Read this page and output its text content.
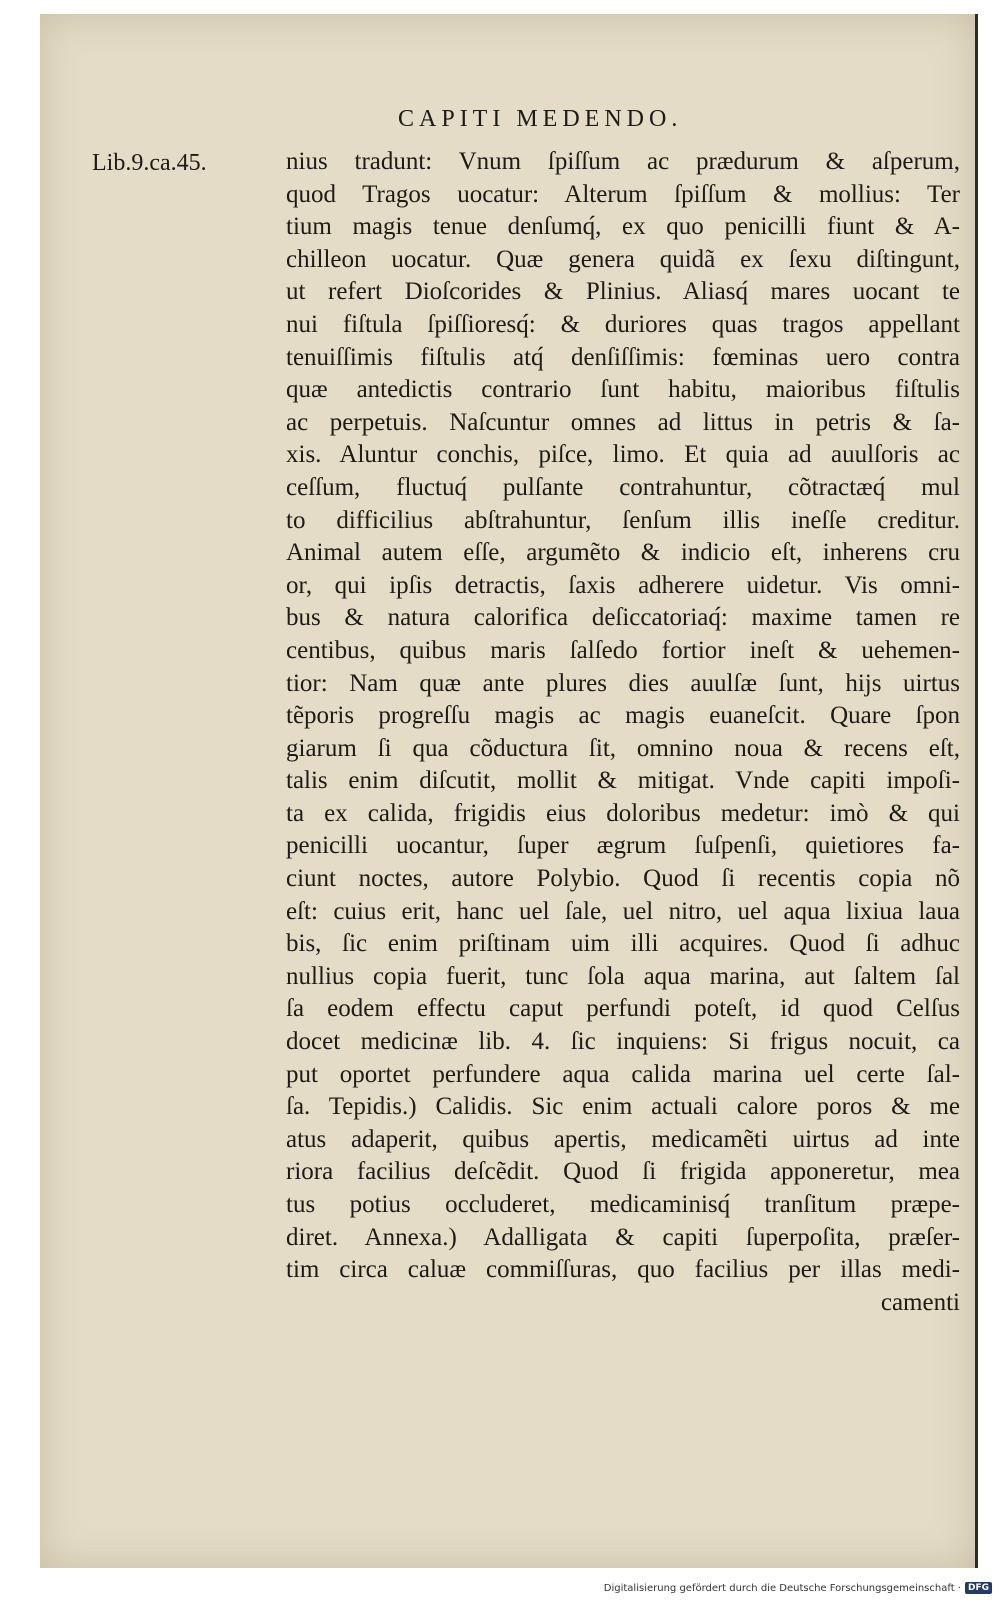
CAPITI MEDENDO.
Lib.9.ca.45.	nius tradunt: Vnum ſpiſſum ac prædurum & aſperum,
quod Tragos uocatur: Alterum ſpiſſum & mollius: Ter
tium magis tenue denſumq́, ex quo penicilli fiunt & A-
chilleon uocatur. Quæ genera quidã ex ſexu diſtingunt,
ut refert Dioſcorides & Plinius. Aliasq́ mares uocant te
nui fiſtula ſpiſſioresq́: & duriores quas tragos appellant
tenuiſſimis fiſtulis atq́ denſiſſimis: fœminas uero contra
quæ antedictis contrario ſunt habitu, maioribus fiſtulis
ac perpetuis. Naſcuntur omnes ad littus in petris & ſa-
xis. Aluntur conchis, piſce, limo. Et quia ad auulſoris ac
ceſſum, fluctuq́ pulſante contrahuntur, cõtractæq́ mul
to difficilius abſtrahuntur, ſenſum illis ineſſe creditur.
Animal autem eſſe, argumẽto & indicio eſt, inherens cru
or, qui ipſis detractis, ſaxis adherere uidetur. Vis omni-
bus & natura calorifica deſiccatoriaq́: maxime tamen re
centibus, quibus maris ſalſedo fortior ineſt & uehemen-
tior: Nam quæ ante plures dies auulſæ ſunt, hijs uirtus
tẽporis progreſſu magis ac magis euaneſcit. Quare ſpon
giarum ſi qua cõductura ſit, omnino noua & recens eſt,
talis enim diſcutit, mollit & mitigat. Vnde capiti impoſi-
ta ex calida, frigidis eius doloribus medetur: imò & qui
penicilli uocantur, ſuper ægrum ſuſpenſi, quietiores fa-
ciunt noctes, autore Polybio. Quod ſi recentis copia nõ
eſt: cuius erit, hanc uel ſale, uel nitro, uel aqua lixiua laua
bis, ſic enim priſtinam uim illi acquires. Quod ſi adhuc
nullius copia fuerit, tunc ſola aqua marina, aut ſaltem ſal
ſa eodem effectu caput perfundi poteſt, id quod Celſus
docet medicinæ lib. 4. ſic inquiens: Si frigus nocuit, ca
put oportet perfundere aqua calida marina uel certe ſal-
ſa. Tepidis.) Calidis. Sic enim actuali calore poros & me
atus adaperit, quibus apertis, medicamẽti uirtus ad inte
riora facilius deſcẽdit. Quod ſi frigida apponeretur, mea
tus potius occluderet, medicaminisq́ tranſitum præpe-
diret. Annexa.) Adalligata & capiti ſuperpoſita, præſer-
tim circa caluæ commiſſuras, quo facilius per illas medi-
camenti
Digitalisierung gefördert durch die Deutsche Forschungsgemeinschaft · DFG
